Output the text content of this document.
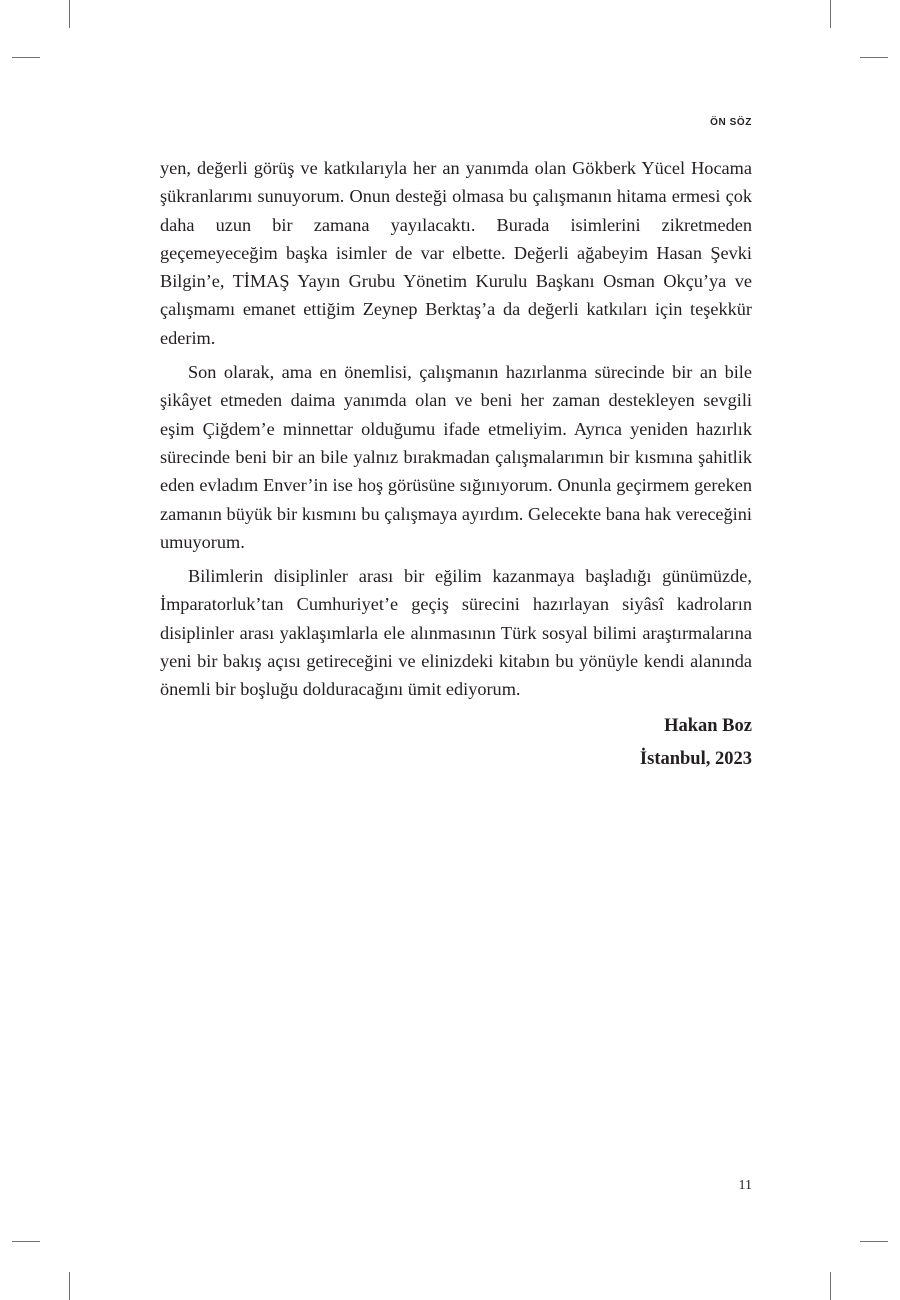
ÖN SÖZ

yen, değerli görüş ve katkılarıyla her an yanımda olan Gökberk Yücel Hocama şükranlarımı sunuyorum. Onun desteği olmasa bu çalışmanın hitama ermesi çok daha uzun bir zamana yayılacaktı. Burada isimlerini zikretmeden geçemeyeceğim başka isimler de var elbette. Değerli ağabeyim Hasan Şevki Bilgin’e, TİMAŞ Yayın Grubu Yönetim Kurulu Başkanı Osman Okçu’ya ve çalışmamı emanet ettiğim Zeynep Berktaş’a da değerli katkıları için teşekkür ederim.

Son olarak, ama en önemlisi, çalışmanın hazırlanma sürecinde bir an bile şikâyet etmeden daima yanımda olan ve beni her zaman destekleyen sevgili eşim Çiğdem’e minnettar olduğumu ifade etmeliyim. Ayrıca yeniden hazırlık sürecinde beni bir an bile yalnız bırakmadan çalışmalarımın bir kısmına şahitlik eden evladım Enver’in ise hoş görüsüne sığınıyorum. Onunla geçirmem gereken zamanın büyük bir kısmını bu çalışmaya ayırdım. Gelecekte bana hak vereceğini umuyorum.

Bilimlerin disiplinler arası bir eğilim kazanmaya başladığı günümüzde, İmparatorluk’tan Cumhuriyet’e geçiş sürecini hazırlayan siyâsî kadroların disiplinler arası yaklaşımlarla ele alınmasının Türk sosyal bilimi araştırmalarına yeni bir bakış açısı getireceğini ve elinizdeki kitabın bu yönüyle kendi alanında önemli bir boşluğu dolduracağını ümit ediyorum.

Hakan Boz
İstanbul, 2023
11
